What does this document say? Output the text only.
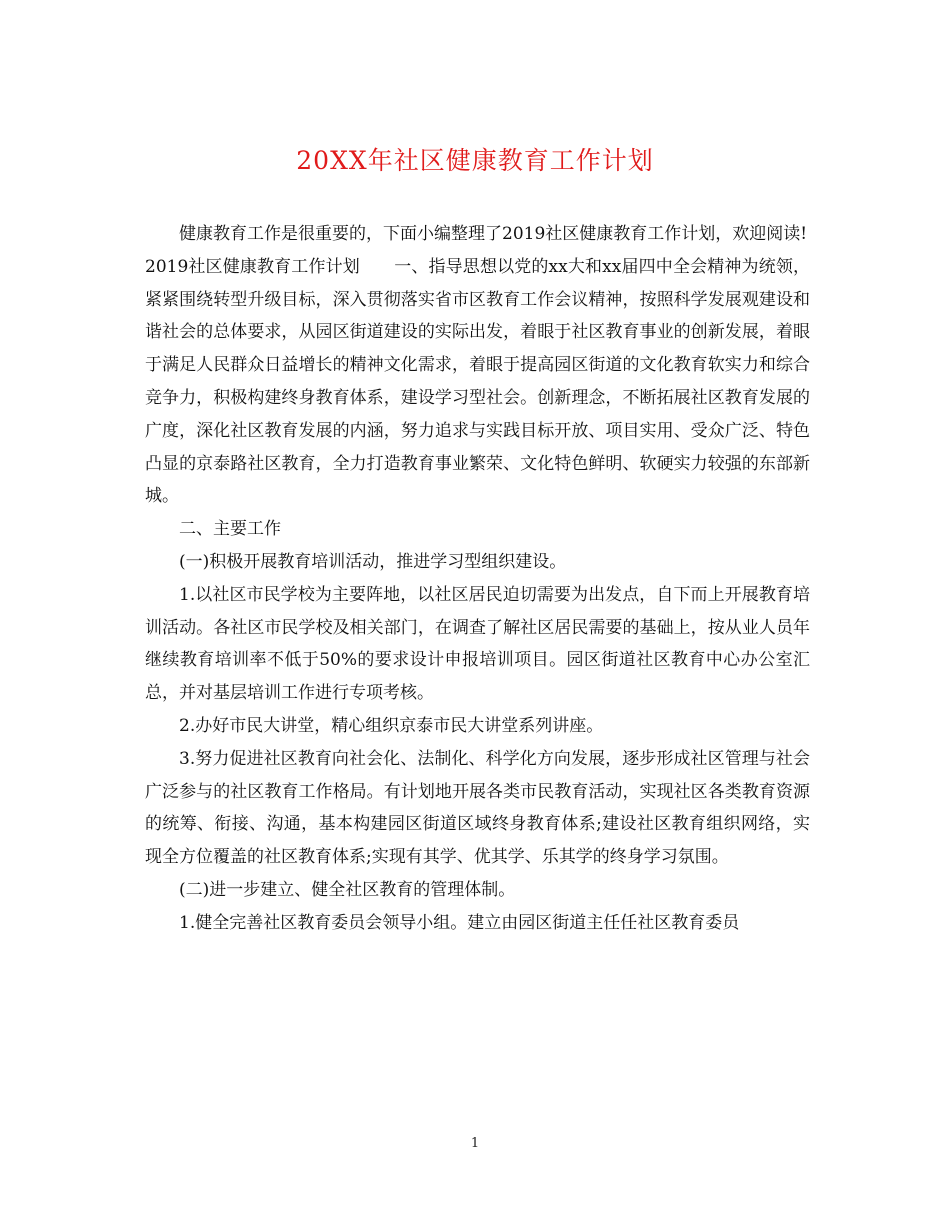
20XX年社区健康教育工作计划

健康教育工作是很重要的，下面小编整理了2019社区健康教育工作计划，欢迎阅读!

2019社区健康教育工作计划　　一、指导思想以党的xx大和xx届四中全会精神为统领，紧紧围绕转型升级目标，深入贯彻落实省市区教育工作会议精神，按照科学发展观建设和谐社会的总体要求，从园区街道建设的实际出发，着眼于社区教育事业的创新发展，着眼于满足人民群众日益增长的精神文化需求，着眼于提高园区街道的文化教育软实力和综合竞争力，积极构建终身教育体系，建设学习型社会。创新理念，不断拓展社区教育发展的广度，深化社区教育发展的内涵，努力追求与实践目标开放、项目实用、受众广泛、特色凸显的京泰路社区教育，全力打造教育事业繁荣、文化特色鲜明、软硬实力较强的东部新城。

二、主要工作

(一)积极开展教育培训活动，推进学习型组织建设。

1.以社区市民学校为主要阵地，以社区居民迫切需要为出发点，自下而上开展教育培训活动。各社区市民学校及相关部门，在调查了解社区居民需要的基础上，按从业人员年继续教育培训率不低于50%的要求设计申报培训项目。园区街道社区教育中心办公室汇总，并对基层培训工作进行专项考核。

2.办好市民大讲堂，精心组织京泰市民大讲堂系列讲座。

3.努力促进社区教育向社会化、法制化、科学化方向发展，逐步形成社区管理与社会广泛参与的社区教育工作格局。有计划地开展各类市民教育活动，实现社区各类教育资源的统筹、衔接、沟通，基本构建园区街道区域终身教育体系;建设社区教育组织网络，实现全方位覆盖的社区教育体系;实现有其学、优其学、乐其学的终身学习氛围。

(二)进一步建立、健全社区教育的管理体制。

1.健全完善社区教育委员会领导小组。建立由园区街道主任任社区教育委员

1
